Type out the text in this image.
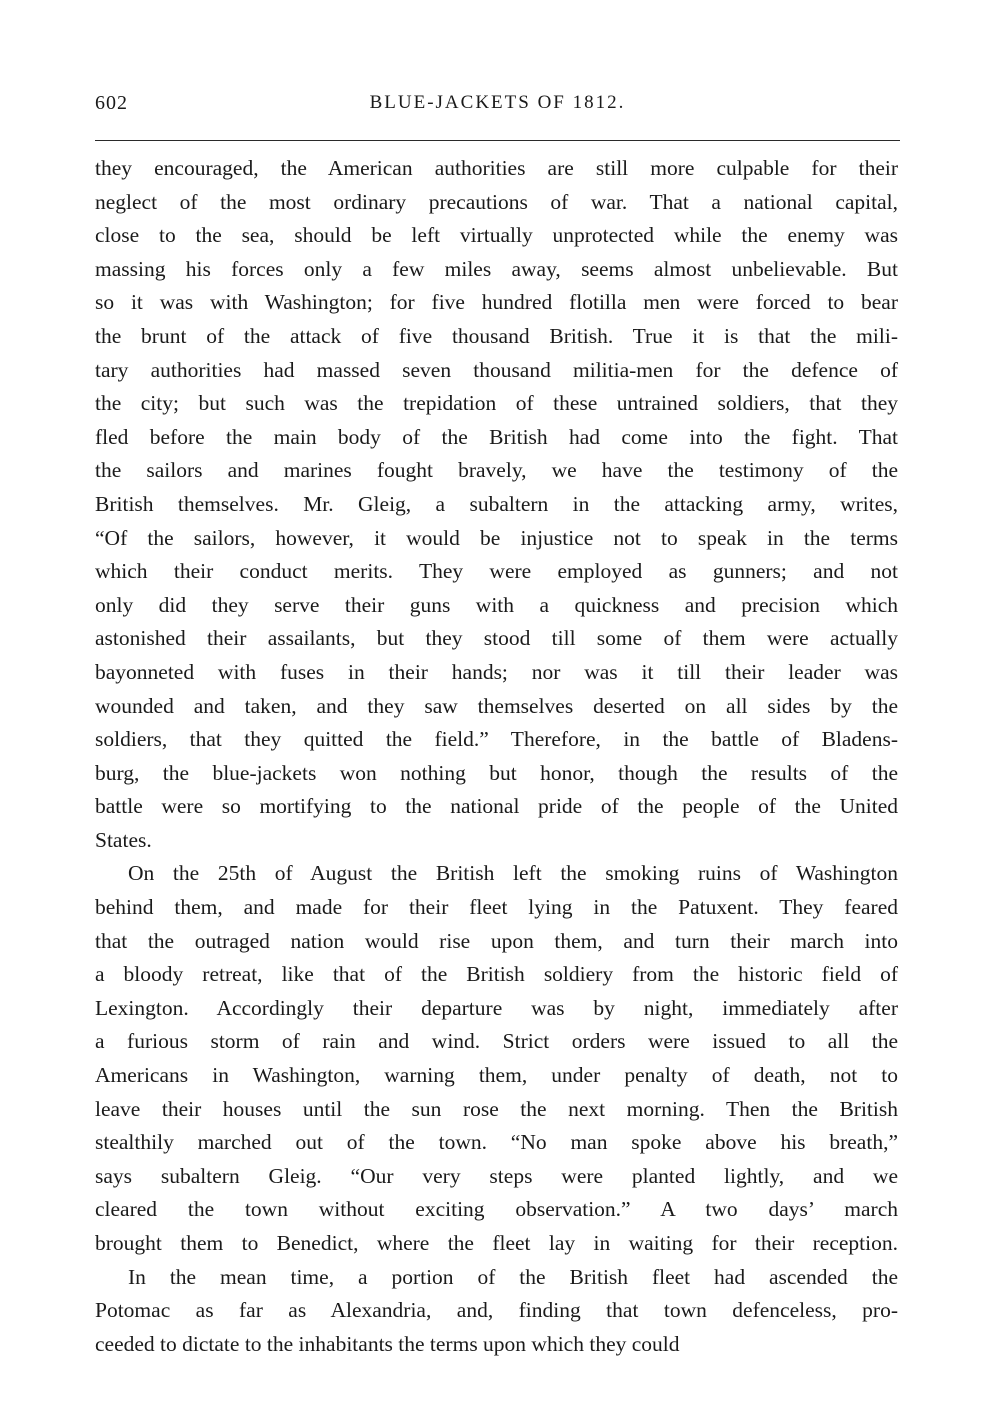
602	BLUE-JACKETS OF 1812.
they encouraged, the American authorities are still more culpable for their
neglect of the most ordinary precautions of war. That a national capital,
close to the sea, should be left virtually unprotected while the enemy was
massing his forces only a few miles away, seems almost unbelievable. But
so it was with Washington; for five hundred flotilla men were forced to bear
the brunt of the attack of five thousand British. True it is that the mili-
tary authorities had massed seven thousand militia-men for the defence of
the city; but such was the trepidation of these untrained soldiers, that they
fled before the main body of the British had come into the fight. That
the sailors and marines fought bravely, we have the testimony of the
British themselves. Mr. Gleig, a subaltern in the attacking army, writes,
“Of the sailors, however, it would be injustice not to speak in the terms
which their conduct merits. They were employed as gunners; and not
only did they serve their guns with a quickness and precision which
astonished their assailants, but they stood till some of them were actually
bayonneted with fuses in their hands; nor was it till their leader was
wounded and taken, and they saw themselves deserted on all sides by the
soldiers, that they quitted the field.” Therefore, in the battle of Bladens-
burg, the blue-jackets won nothing but honor, though the results of the
battle were so mortifying to the national pride of the people of the United
States.
On the 25th of August the British left the smoking ruins of Washington
behind them, and made for their fleet lying in the Patuxent. They feared
that the outraged nation would rise upon them, and turn their march into
a bloody retreat, like that of the British soldiery from the historic field of
Lexington. Accordingly their departure was by night, immediately after
a furious storm of rain and wind. Strict orders were issued to all the
Americans in Washington, warning them, under penalty of death, not to
leave their houses until the sun rose the next morning. Then the British
stealthily marched out of the town. “No man spoke above his breath,”
says subaltern Gleig. “Our very steps were planted lightly, and we
cleared the town without exciting observation.” A two days’ march
brought them to Benedict, where the fleet lay in waiting for their reception.
In the mean time, a portion of the British fleet had ascended the
Potomac as far as Alexandria, and, finding that town defenceless, pro-
ceeded to dictate to the inhabitants the terms upon which they could
